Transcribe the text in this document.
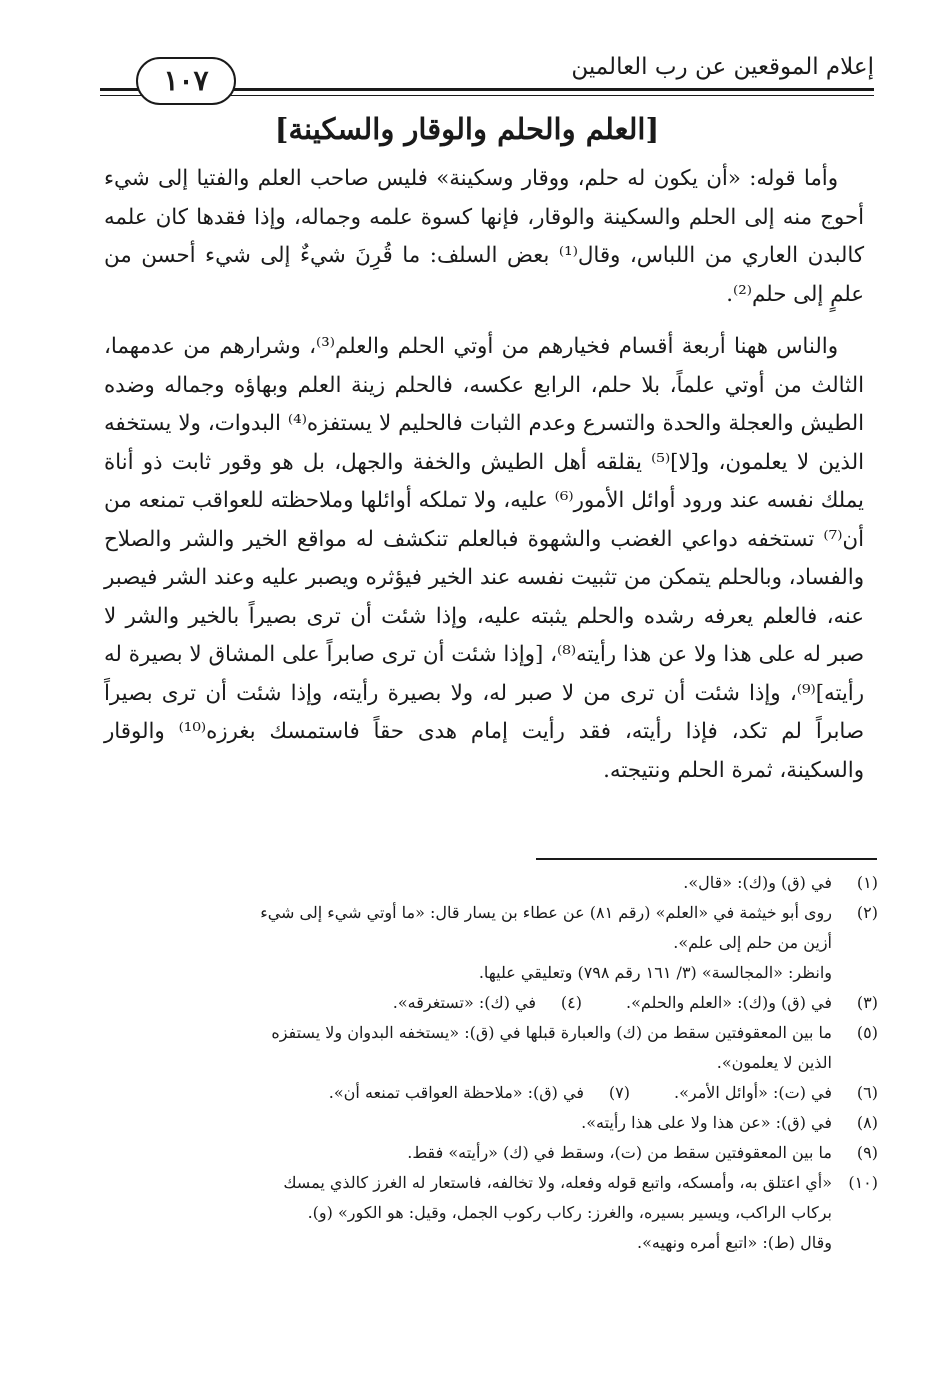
إعلام الموقعين عن رب العالمين
١٠٧
[العلم والحلم والوقار والسكينة]

وأما قوله: «أن يكون له حلم، ووقار وسكينة» فليس صاحب العلم والفتيا إلى شيء أحوج منه إلى الحلم والسكينة والوقار، فإنها كسوة علمه وجماله، وإذا فقدها كان علمه كالبدن العاري من اللباس، وقال⁽¹⁾ بعض السلف: ما قُرِنَ شيءٌ إلى شيء أحسن من علمٍ إلى حلم⁽²⁾.

والناس ههنا أربعة أقسام فخيارهم من أوتي الحلم والعلم⁽³⁾، وشرارهم من عدمهما، الثالث من أوتي علماً، بلا حلم، الرابع عكسه، فالحلم زينة العلم وبهاؤه وجماله وضده الطيش والعجلة والحدة والتسرع وعدم الثبات فالحليم لا يستفزه⁽⁴⁾ البدوات، ولا يستخفه الذين لا يعلمون، و[لا]⁽⁵⁾ يقلقه أهل الطيش والخفة والجهل، بل هو وقور ثابت ذو أناة يملك نفسه عند ورود أوائل الأمور⁽⁶⁾ عليه، ولا تملكه أوائلها وملاحظته للعواقب تمنعه من أن⁽⁷⁾ تستخفه دواعي الغضب والشهوة فبالعلم تنكشف له مواقع الخير والشر والصلاح والفساد، وبالحلم يتمكن من تثبيت نفسه عند الخير فيؤثره ويصبر عليه وعند الشر فيصبر عنه، فالعلم يعرفه رشده والحلم يثبته عليه، وإذا شئت أن ترى بصيراً بالخير والشر لا صبر له على هذا ولا عن هذا رأيته⁽⁸⁾، [وإذا شئت أن ترى صابراً على المشاق لا بصيرة له رأيته]⁽⁹⁾، وإذا شئت أن ترى من لا صبر له، ولا بصيرة رأيته، وإذا شئت أن ترى بصيراً صابراً لم تكد، فإذا رأيته، فقد رأيت إمام هدى حقاً فاستمسك بغرزه⁽¹⁰⁾ والوقار والسكينة، ثمرة الحلم ونتيجته.

(١)
في (ق) و(ك): «قال».
(٢)
روى أبو خيثمة في «العلم» (رقم ٨١) عن عطاء بن يسار قال: «ما أوتي شيء إلى شيء
أزين من حلم إلى علم».
وانظر: «المجالسة» (٣/ ١٦١ رقم ٧٩٨) وتعليقي عليها.
(٣)
في (ق) و(ك): «العلم والحلم».
(٤)
في (ك): «تستغرقه».
(٥)
ما بين المعقوفتين سقط من (ك) والعبارة قبلها في (ق): «يستخفه البدوان ولا يستفزه
الذين لا يعلمون».
(٦)
في (ت): «أوائل الأمر».
(٧)
في (ق): «ملاحظة العواقب تمنعه أن».
(٨)
في (ق): «عن هذا ولا على هذا رأيته».
(٩)
ما بين المعقوفتين سقط من (ت)، وسقط في (ك) «رأيته» فقط.
(١٠)
«أي اعتلق به، وأمسكه، واتبع قوله وفعله، ولا تخالفه، فاستعار له الغرز كالذي يمسك
بركاب الراكب، ويسير بسيره، والغرز: ركاب ركوب الجمل، وقيل: هو الكور» (و).
وقال (ط): «اتبع أمره ونهيه».
